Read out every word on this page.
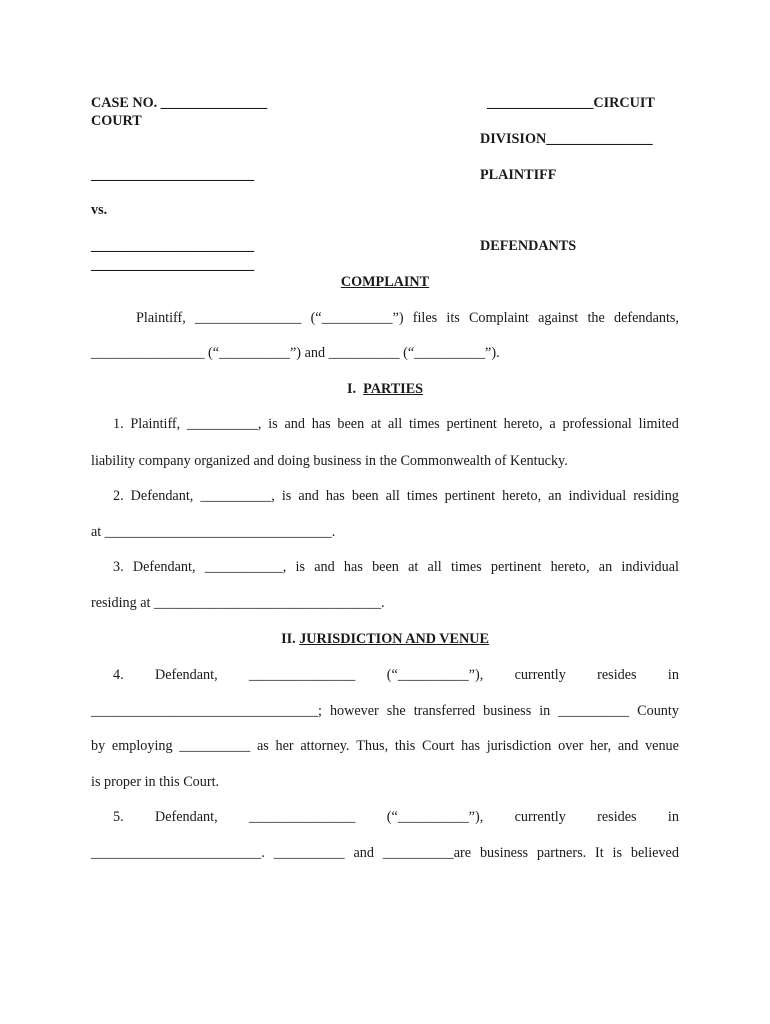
CASE NO. _______________	_______________CIRCUIT
COURT
DIVISION_______________
_______________________	PLAINTIFF
vs.
_______________________	DEFENDANTS
_______________________
COMPLAINT
Plaintiff, _______________ (“__________”) files its Complaint against the defendants,
________________ (“__________”) and __________ (“__________”).
I. PARTIES
1. Plaintiff, __________, is and has been at all times pertinent hereto, a professional limited
liability company organized and doing business in the Commonwealth of Kentucky.
2. Defendant, __________, is and has been all times pertinent hereto, an individual residing
at ________________________________.
3. Defendant, ___________, is and has been at all times pertinent hereto, an individual
residing at ________________________________.
II. JURISDICTION AND VENUE
4. Defendant, _______________ (“__________”), currently resides in
________________________________; however she transferred business in __________ County
by employing __________ as her attorney. Thus, this Court has jurisdiction over her, and venue
is proper in this Court.
5. Defendant, _______________ (“__________”), currently resides in
________________________. __________ and __________are business partners. It is believed
